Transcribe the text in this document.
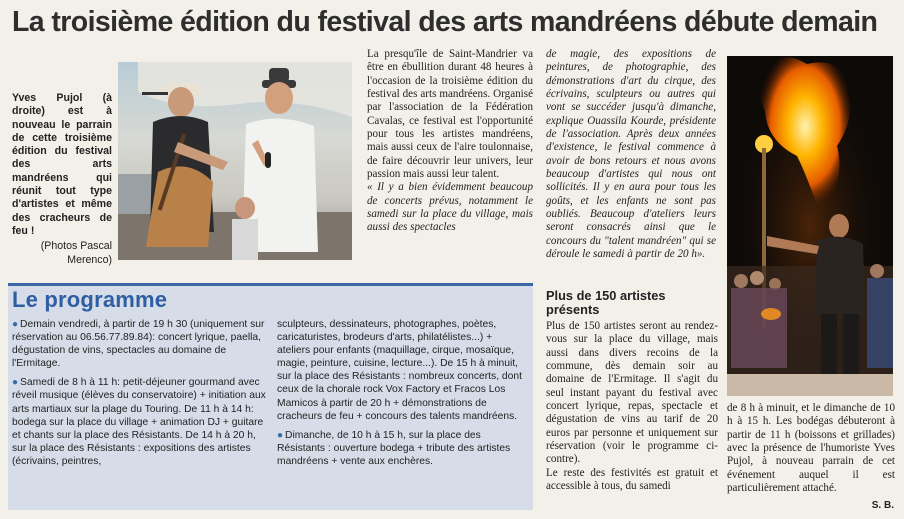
La troisième édition du festival des arts mandréens débute demain
Yves Pujol (à droite) est à nouveau le parrain de cette troisième édition du festival des arts mandréens qui réunit tout type d'artistes et même des cracheurs de feu !
(Photos Pascal Merenco)

La presqu'île de Saint-Mandrier va être en ébullition durant 48 heures à l'occasion de la troisième édition du festival des arts mandréens. Organisé par l'association de la Fédération Cavalas, ce festival est l'opportunité pour tous les artistes mandréens, mais aussi ceux de l'aire toulonnaise, de faire découvrir leur univers, leur passion mais aussi leur talent.

« Il y a bien évidemment beaucoup de concerts prévus, notamment le samedi sur la place du village, mais aussi des spectacles

de magie, des expositions de peintures, de photographie, des démonstrations d'art du cirque, des écrivains, sculpteurs ou autres qui vont se succéder jusqu'à dimanche, explique Ouassila Kourde, présidente de l'association. Après deux années d'existence, le festival commence à avoir de bons retours et nous avons beaucoup d'artistes qui nous ont sollicités. Il y en aura pour tous les goûts, et les enfants ne sont pas oubliés. Beaucoup d'ateliers leurs seront consacrés ainsi que le concours du "talent mandréen" qui se déroule le samedi à partir de 20 h».

Le programme

● Demain vendredi, à partir de 19 h 30 (uniquement sur réservation au 06.56.77.89.84): concert lyrique, paella, dégustation de vins, spectacles au domaine de l'Ermitage.

● Samedi de 8 h à 11 h: petit-déjeuner gourmand avec réveil musique (élèves du conservatoire) + initiation aux arts martiaux sur la plage du Touring. De 11 h à 14 h: bodega sur la place du village + animation DJ + guitare et chants sur la place des Résistants. De 14 h à 20 h, sur la place des Résistants : expositions des artistes (écrivains, peintres,

sculpteurs, dessinateurs, photographes, poètes, caricaturistes, brodeurs d'arts, philatélistes...) + ateliers pour enfants (maquillage, cirque, mosaïque, magie, peinture, cuisine, lecture...). De 15 h à minuit, sur la place des Résistants : nombreux concerts, dont ceux de la chorale rock Vox Factory et Fracos Los Mamicos à partir de 20 h + démonstrations de cracheurs de feu + concours des talents mandréens.

● Dimanche, de 10 h à 15 h, sur la place des Résistants : ouverture bodega + tribute des artistes mandréens + vente aux enchères.

Plus de 150 artistes présents

Plus de 150 artistes seront au rendez-vous sur la place du village, mais aussi dans divers recoins de la commune, dès demain soir au domaine de l'Ermitage. Il s'agit du seul instant payant du festival avec concert lyrique, repas, spectacle et dégustation de vins au tarif de 20 euros par personne et uniquement sur réservation (voir le programme ci-contre).

Le reste des festivités est gratuit et accessible à tous, du samedi

de 8 h à minuit, et le dimanche de 10 h à 15 h. Les bodégas débuteront à partir de 11 h (boissons et grillades) avec la présence de l'humoriste Yves Pujol, à nouveau parrain de cet événement auquel il est particulièrement attaché.

S. B.
